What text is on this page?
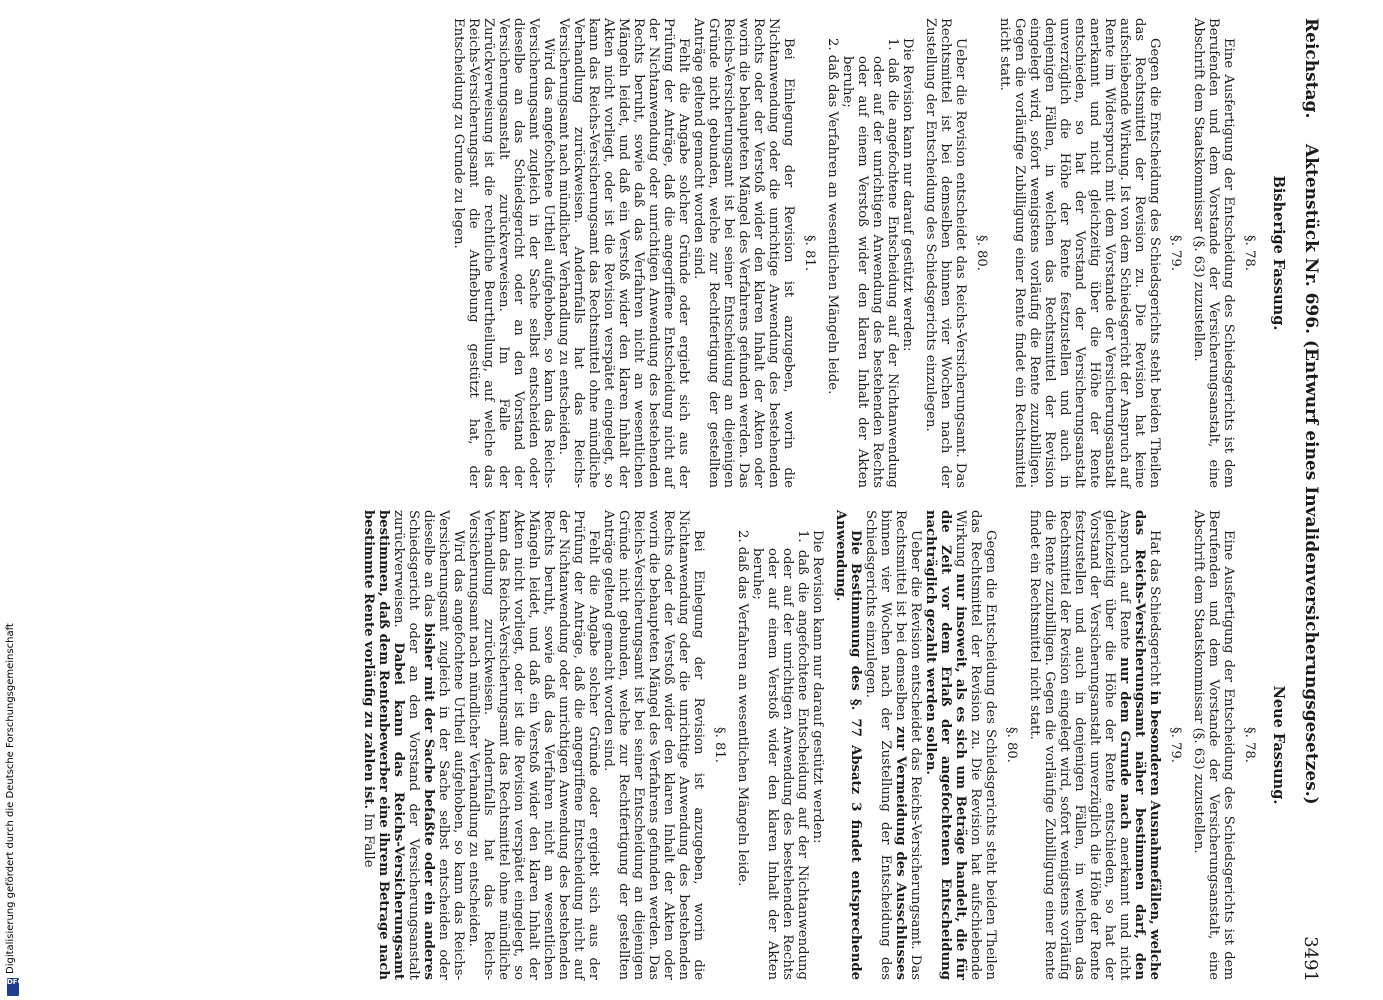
Digitalisierung gefördert durch die Deutsche Forschungsgemeinschaft
DFG
Reichstag.
Aktenstück Nr. 696. (Entwurf eines Invalidenversicherungsgesetzes.)
3491
Bisherige Fassung.
§. 78.

Eine Ausfertigung der Entscheidung des Schiedsgerichts ist dem Berufenden und dem Vorstande der Versicherungsanstalt, eine Abschrift dem Staatskommissar (§. 63) zuzustellen.

§. 79.

Gegen die Entscheidung des Schiedsgerichts steht beiden Theilen das Rechtsmittel der Revision zu. Die Revision hat keine aufschiebende Wirkung. Ist von dem Schiedsgericht der Anspruch auf Rente im Widerspruch mit dem Vorstande der Versicherungsanstalt anerkannt und nicht gleichzeitig über die Höhe der Rente entschieden, so hat der Vorstand der Versicherungsanstalt unverzüglich die Höhe der Rente festzustellen und auch in denjenigen Fällen, in welchen das Rechtsmittel der Revision eingelegt wird, sofort wenigstens vorläufig die Rente zuzubilligen. Gegen die vorläufige Zubilligung einer Rente findet ein Rechtsmittel nicht statt.

§. 80.

Ueber die Revision entscheidet das Reichs-Versicherungsamt. Das Rechtsmittel ist bei demselben binnen vier Wochen nach der Zustellung der Entscheidung des Schiedsgerichts einzulegen.

Die Revision kann nur darauf gestützt werden:

1. daß die angefochtene Entscheidung auf der Nichtanwendung oder auf der unrichtigen Anwendung des bestehenden Rechts oder auf einem Verstoß wider den klaren Inhalt der Akten beruhe;
2. daß das Verfahren an wesentlichen Mängeln leide.
§. 81.

Bei Einlegung der Revision ist anzugeben, worin die Nichtanwendung oder die unrichtige Anwendung des bestehenden Rechts oder der Verstoß wider den klaren Inhalt der Akten oder worin die behaupteten Mängel des Verfahrens gefunden werden. Das Reichs-Versicherungsamt ist bei seiner Entscheidung an diejenigen Gründe nicht gebunden, welche zur Rechtfertigung der gestellten Anträge geltend gemacht worden sind.

Fehlt die Angabe solcher Gründe oder ergiebt sich aus der Prüfung der Anträge, daß die angegriffene Entscheidung nicht auf der Nichtanwendung oder unrichtigen Anwendung des bestehenden Rechts beruht, sowie daß das Verfahren nicht an wesentlichen Mängeln leidet, und daß ein Verstoß wider den klaren Inhalt der Akten nicht vorliegt, oder ist die Revision verspätet eingelegt, so kann das Reichs-Versicherungsamt das Rechtsmittel ohne mündliche Verhandlung zurückweisen. Andernfalls hat das Reichs-Versicherungsamt nach mündlicher Verhandlung zu entscheiden.

Wird das angefochtene Urtheil aufgehoben, so kann das Reichs-Versicherungsamt zugleich in der Sache selbst entscheiden oder dieselbe an das Schiedsgericht oder an den Vorstand der Versicherungsanstalt zurückverweisen. Im Falle der Zurückverweisung ist die rechtliche Beurtheilung, auf welche das Reichs-Versicherungsamt die Aufhebung gestützt hat, der Entscheidung zu Grunde zu legen.

Neue Fassung.
§. 78.

Eine Ausfertigung der Entscheidung des Schiedsgerichts ist dem Berufenden und dem Vorstande der Versicherungsanstalt, eine Abschrift dem Staatskommissar (§. 63) zuzustellen.

§. 79.

Hat das Schiedsgericht in besonderen Ausnahmefällen, welche das Reichs-Versicherungsamt näher bestimmen darf, den Anspruch auf Rente nur dem Grunde nach anerkannt und nicht gleichzeitig über die Höhe der Rente entschieden, so hat der Vorstand der Versicherungsanstalt unverzüglich die Höhe der Rente festzustellen und auch in denjenigen Fällen, in welchen das Rechtsmittel der Revision eingelegt wird, sofort wenigstens vorläufig die Rente zuzubilligen. Gegen die vorläufige Zubilligung einer Rente findet ein Rechtsmittel nicht statt.

§. 80.

Gegen die Entscheidung des Schiedsgerichts steht beiden Theilen das Rechtsmittel der Revision zu. Die Revision hat aufschiebende Wirkung nur insoweit, als es sich um Beträge handelt, die für die Zeit vor dem Erlaß der angefochtenen Entscheidung nachträglich gezahlt werden sollen.

Ueber die Revision entscheidet das Reichs-Versicherungsamt. Das Rechtsmittel ist bei demselben zur Vermeidung des Ausschlusses binnen vier Wochen nach der Zustellung der Entscheidung des Schiedsgerichts einzulegen.

Die Bestimmung des §. 77 Absatz 3 findet entsprechende Anwendung.

Die Revision kann nur darauf gestützt werden:

1. daß die angefochtene Entscheidung auf der Nichtanwendung oder auf der unrichtigen Anwendung des bestehenden Rechts oder auf einem Verstoß wider den klaren Inhalt der Akten beruhe;
2. daß das Verfahren an wesentlichen Mängeln leide.
§. 81.

Bei Einlegung der Revision ist anzugeben, worin die Nichtanwendung oder die unrichtige Anwendung des bestehenden Rechts oder der Verstoß wider den klaren Inhalt der Akten oder worin die behaupteten Mängel des Verfahrens gefunden werden. Das Reichs-Versicherungsamt ist bei seiner Entscheidung an diejenigen Gründe nicht gebunden, welche zur Rechtfertigung der gestellten Anträge geltend gemacht worden sind.

Fehlt die Angabe solcher Gründe oder ergiebt sich aus der Prüfung der Anträge, daß die angegriffene Entscheidung nicht auf der Nichtanwendung oder unrichtigen Anwendung des bestehenden Rechts beruht, sowie daß das Verfahren nicht an wesentlichen Mängeln leidet, und daß ein Verstoß wider den klaren Inhalt der Akten nicht vorliegt, oder ist die Revision verspätet eingelegt, so kann das Reichs-Versicherungsamt das Rechtsmittel ohne mündliche Verhandlung zurückweisen. Andernfalls hat das Reichs-Versicherungsamt nach mündlicher Verhandlung zu entscheiden.

Wird das angefochtene Urtheil aufgehoben, so kann das Reichs-Versicherungsamt zugleich in der Sache selbst entscheiden oder dieselbe an das bisher mit der Sache befaßte oder ein anderes Schiedsgericht oder an den Vorstand der Versicherungsanstalt zurückverweisen. Dabei kann das Reichs-Versicherungsamt bestimmen, daß dem Rentenbewerber eine ihrem Betrage nach bestimmte Rente vorläufig zu zahlen ist. Im Falle
